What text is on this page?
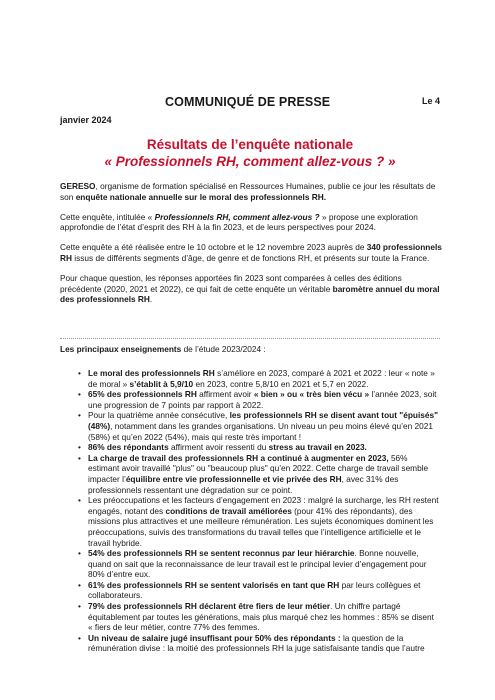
COMMUNIQUÉ DE PRESSE	Le 4
janvier 2024
Résultats de l’enquête nationale
« Professionnels RH, comment allez-vous ? »

GERESO, organisme de formation spécialisé en Ressources Humaines, publie ce jour les résultats de son enquête nationale annuelle sur le moral des professionnels RH.

Cette enquête, intitulée « Professionnels RH, comment allez-vous ? » propose une exploration approfondie de l’état d’esprit des RH à la fin 2023, et de leurs perspectives pour 2024.

Cette enquête a été réalisée entre le 10 octobre et le 12 novembre 2023 auprès de 340 professionnels RH issus de différents segments d’âge, de genre et de fonctions RH, et présents sur toute la France.

Pour chaque question, les réponses apportées fin 2023 sont comparées à celles des éditions précédente (2020, 2021 et 2022), ce qui fait de cette enquête un véritable baromètre annuel du moral des professionnels RH.

Les principaux enseignements de l’étude 2023/2024 :
• Le moral des professionnels RH s’améliore en 2023, comparé à 2021 et 2022 : leur « note » de moral » s’établit à 5,9/10 en 2023, contre 5,8/10 en 2021 et 5,7 en 2022.
• 65% des professionnels RH affirment avoir « bien » ou « très bien vécu » l’année 2023, soit une progression de 7 points par rapport à 2022.
• Pour la quatrième année consécutive, les professionnels RH se disent avant tout "épuisés" (48%), notamment dans les grandes organisations. Un niveau un peu moins élevé qu’en 2021 (58%) et qu’en 2022 (54%), mais qui reste très important !
• 86% des répondants affirment avoir ressenti du stress au travail en 2023.
• La charge de travail des professionnels RH a continué à augmenter en 2023, 56% estimant avoir travaillé "plus" ou "beaucoup plus" qu’en 2022. Cette charge de travail semble impacter l’équilibre entre vie professionnelle et vie privée des RH, avec 31% des professionnels ressentant une dégradation sur ce point.
• Les préoccupations et les facteurs d’engagement en 2023 : malgré la surcharge, les RH restent engagés, notant des conditions de travail améliorées (pour 41% des répondants), des missions plus attractives et une meilleure rémunération. Les sujets économiques dominent les préoccupations, suivis des transformations du travail telles que l’intelligence artificielle et le travail hybride.
• 54% des professionnels RH se sentent reconnus par leur hiérarchie. Bonne nouvelle, quand on sait que la reconnaissance de leur travail est le principal levier d’engagement pour 80% d’entre eux.
• 61% des professionnels RH se sentent valorisés en tant que RH par leurs collègues et collaborateurs.
• 79% des professionnels RH déclarent être fiers de leur métier. Un chiffre partagé équitablement par toutes les générations, mais plus marqué chez les hommes : 85% se disent « fiers de leur métier, contre 77% des femmes.
• Un niveau de salaire jugé insuffisant pour 50% des répondants : la question de la rémunération divise : la moitié des professionnels RH la juge satisfaisante tandis que l’autre
